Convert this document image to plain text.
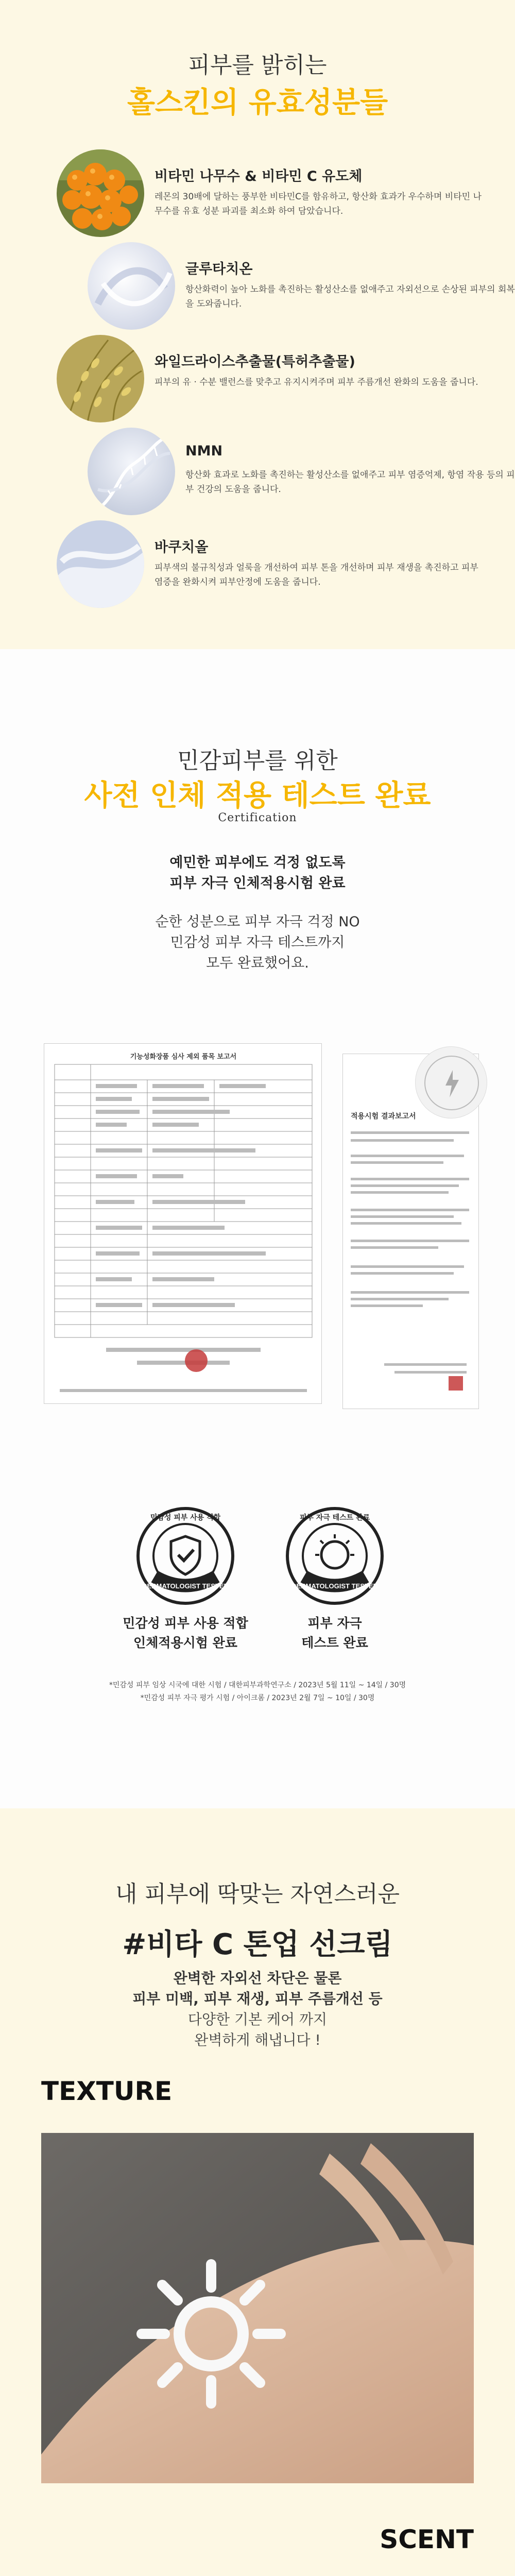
피부를 밝히는
홀스킨의 유효성분들
비타민 나무수 & 비타민 C 유도체
레몬의 30배에 달하는 풍부한 비타민C를 함유하고, 항산화 효과가 우수하며 비타민 나무수를 유효 성분 파괴를 최소화 하여 담았습니다.
글루타치온
항산화력이 높아 노화를 촉진하는 활성산소를 없애주고 자외선으로 손상된 피부의 회복을 도와줍니다.
와일드라이스추출물(특허추출물)
피부의 유 · 수분 밸런스를 맞추고 유지시켜주며 피부 주름개선 완화의 도움을 줍니다.
NMN
항산화 효과로 노화를 촉진하는 활성산소를 없애주고 피부 염증억제, 항염 작용 등의 피부 건강의 도움을 줍니다.
바쿠치올
피부색의 불규칙성과 얼룩을 개선하여 피부 톤을 개선하며 피부 재생을 촉진하고 피부 염증을 완화시켜 피부안정에 도움을 줍니다.
민감피부를 위한
사전 인체 적용 테스트 완료
Certification
예민한 피부에도 걱정 없도록
피부 자극 인체적용시험 완료
순한 성분으로 피부 자극 걱정 NO
민감성 피부 자극 테스트까지
모두 완료했어요.
기능성화장품 심사 제외 품목 보고서
적용시험 결과보고서
DERMATOLOGIST TESTED
민감성 피부 사용 적합
민감성 피부 사용 적합
인체적용시험 완료
DERMATOLOGIST TESTED
피부 자극 테스트 완료
피부 자극
테스트 완료
*민감성 피부 임상 시국에 대한 시험 / 대한피부과학연구소 / 2023년 5월 11일 ~ 14일 / 30명
*민감성 피부 자극 평가 시험 / 아이크롬 / 2023년 2월 7일 ~ 10일 / 30명
내 피부에 딱맞는 자연스러운
#비타 C 톤업 선크림
완벽한 자외선 차단은 물론
피부 미백, 피부 재생, 피부 주름개선 등
다양한 기본 케어 까지
완벽하게 해냅니다 !
TEXTURE
SCENT
